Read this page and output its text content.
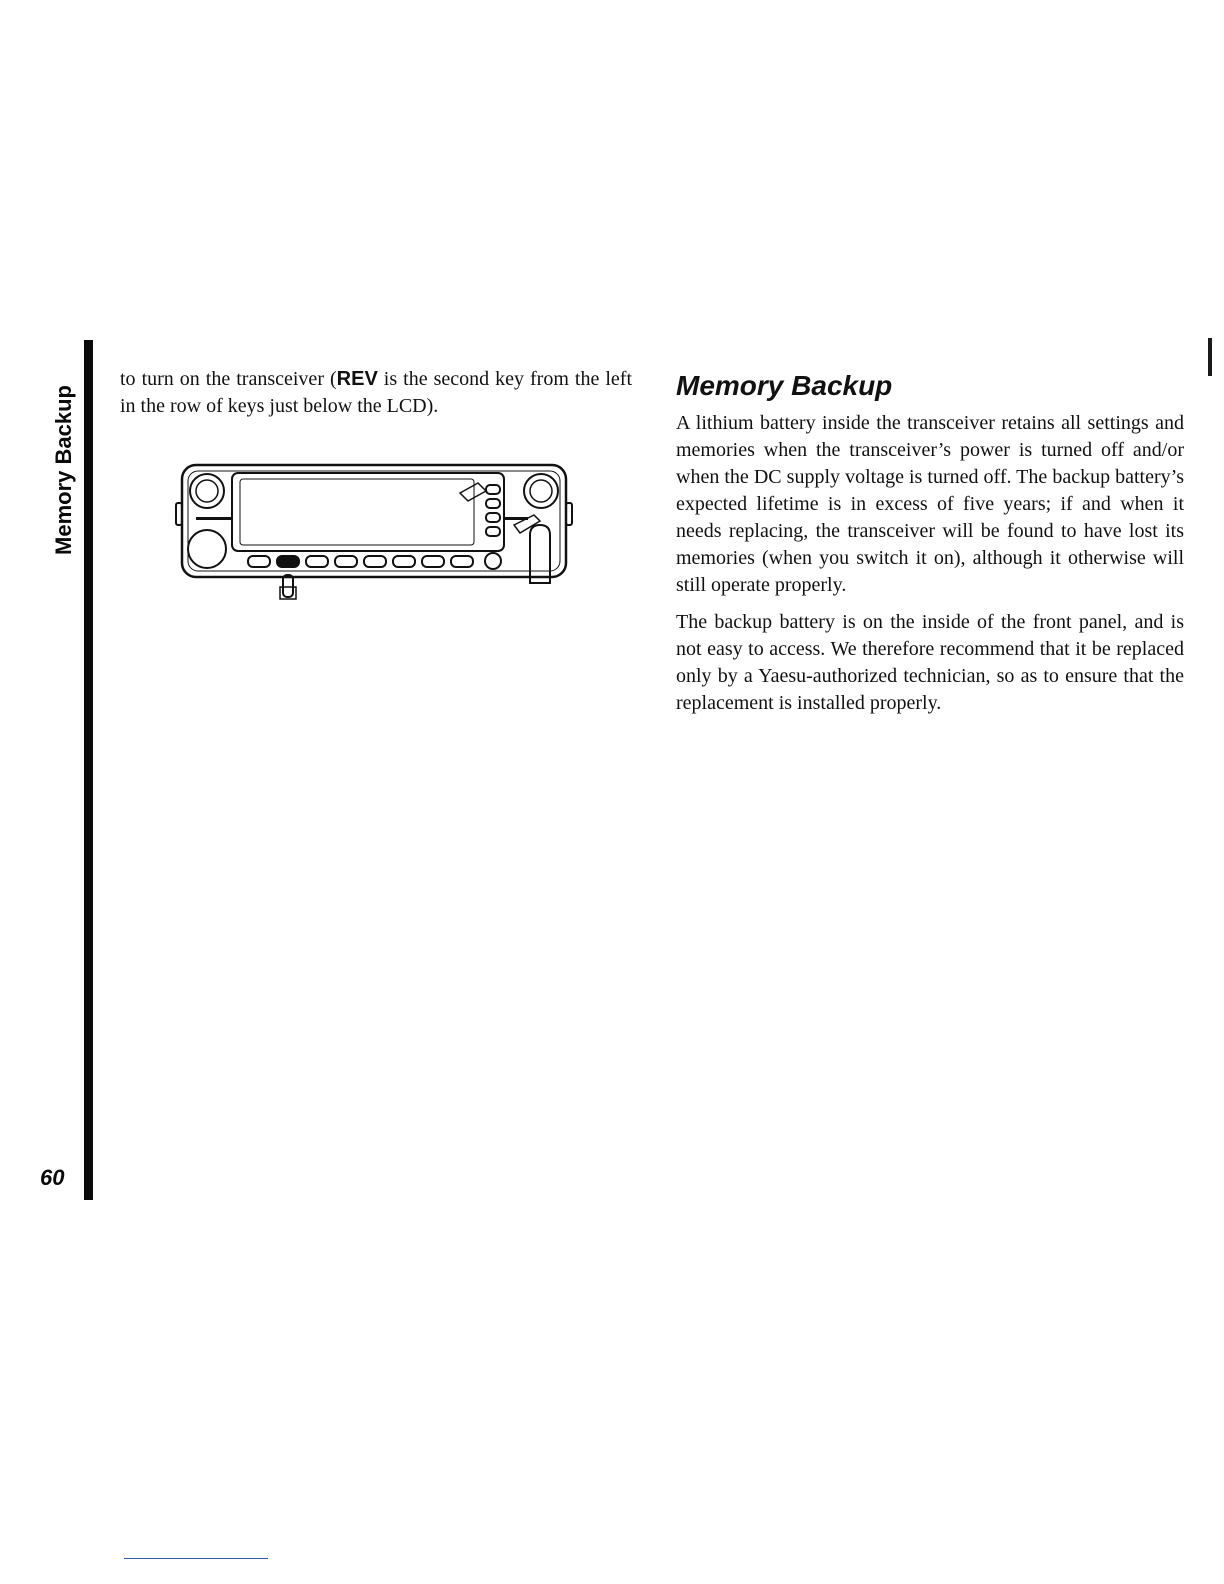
Memory Backup
60

to turn on the transceiver (REV is the second key from the left in the row of keys just below the LCD).

Memory Backup

A lithium battery inside the transceiver retains all settings and memories when the transceiver’s power is turned off and/or when the DC supply voltage is turned off. The backup battery’s expected lifetime is in excess of five years; if and when it needs replacing, the transceiver will be found to have lost its memories (when you switch it on), although it otherwise will still operate properly.

The backup battery is on the inside of the front panel, and is not easy to access. We therefore recommend that it be replaced only by a Yaesu-authorized technician, so as to ensure that the replacement is installed properly.
